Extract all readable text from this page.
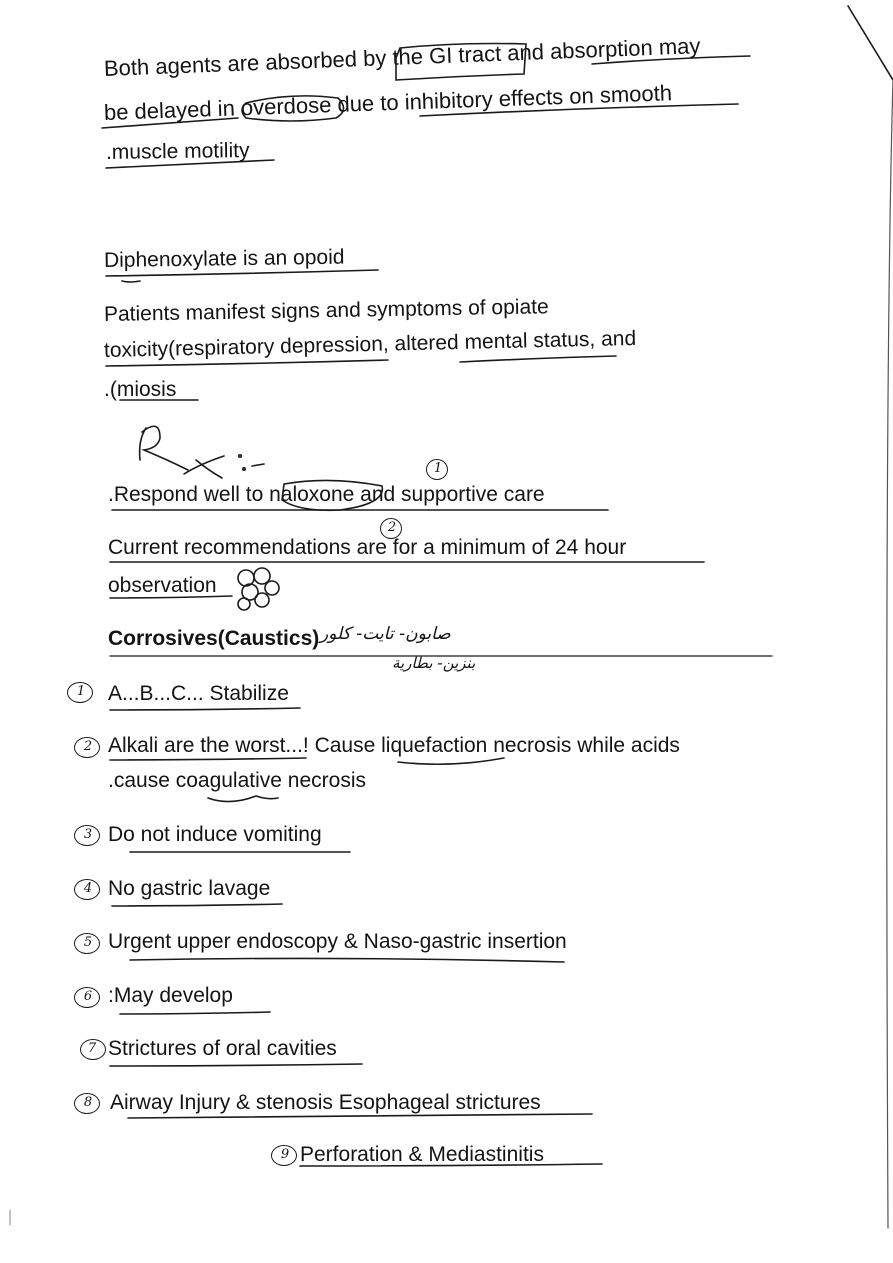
Both agents are absorbed by the GI tract and absorption may
be delayed in overdose due to inhibitory effects on smooth
.muscle motility
Diphenoxylate is an opoid
Patients manifest signs and symptoms of opiate
toxicity(respiratory depression, altered mental status, and
.(miosis
1
.Respond well to naloxone and supportive care
2
Current recommendations are for a minimum of 24 hour
observation
Corrosives(Caustics) صابون- تايت- كلور
بنزين- بطارية
1	A...B...C... Stabilize
2 Alkali are the worst...! Cause liquefaction necrosis while acids
.cause coagulative necrosis
3 Do not induce vomiting
4 No gastric lavage
5 Urgent upper endoscopy & Naso-gastric insertion
6 :May develop
7 Strictures of oral cavities
8 Airway Injury & stenosis Esophageal strictures
9 Perforation & Mediastinitis
